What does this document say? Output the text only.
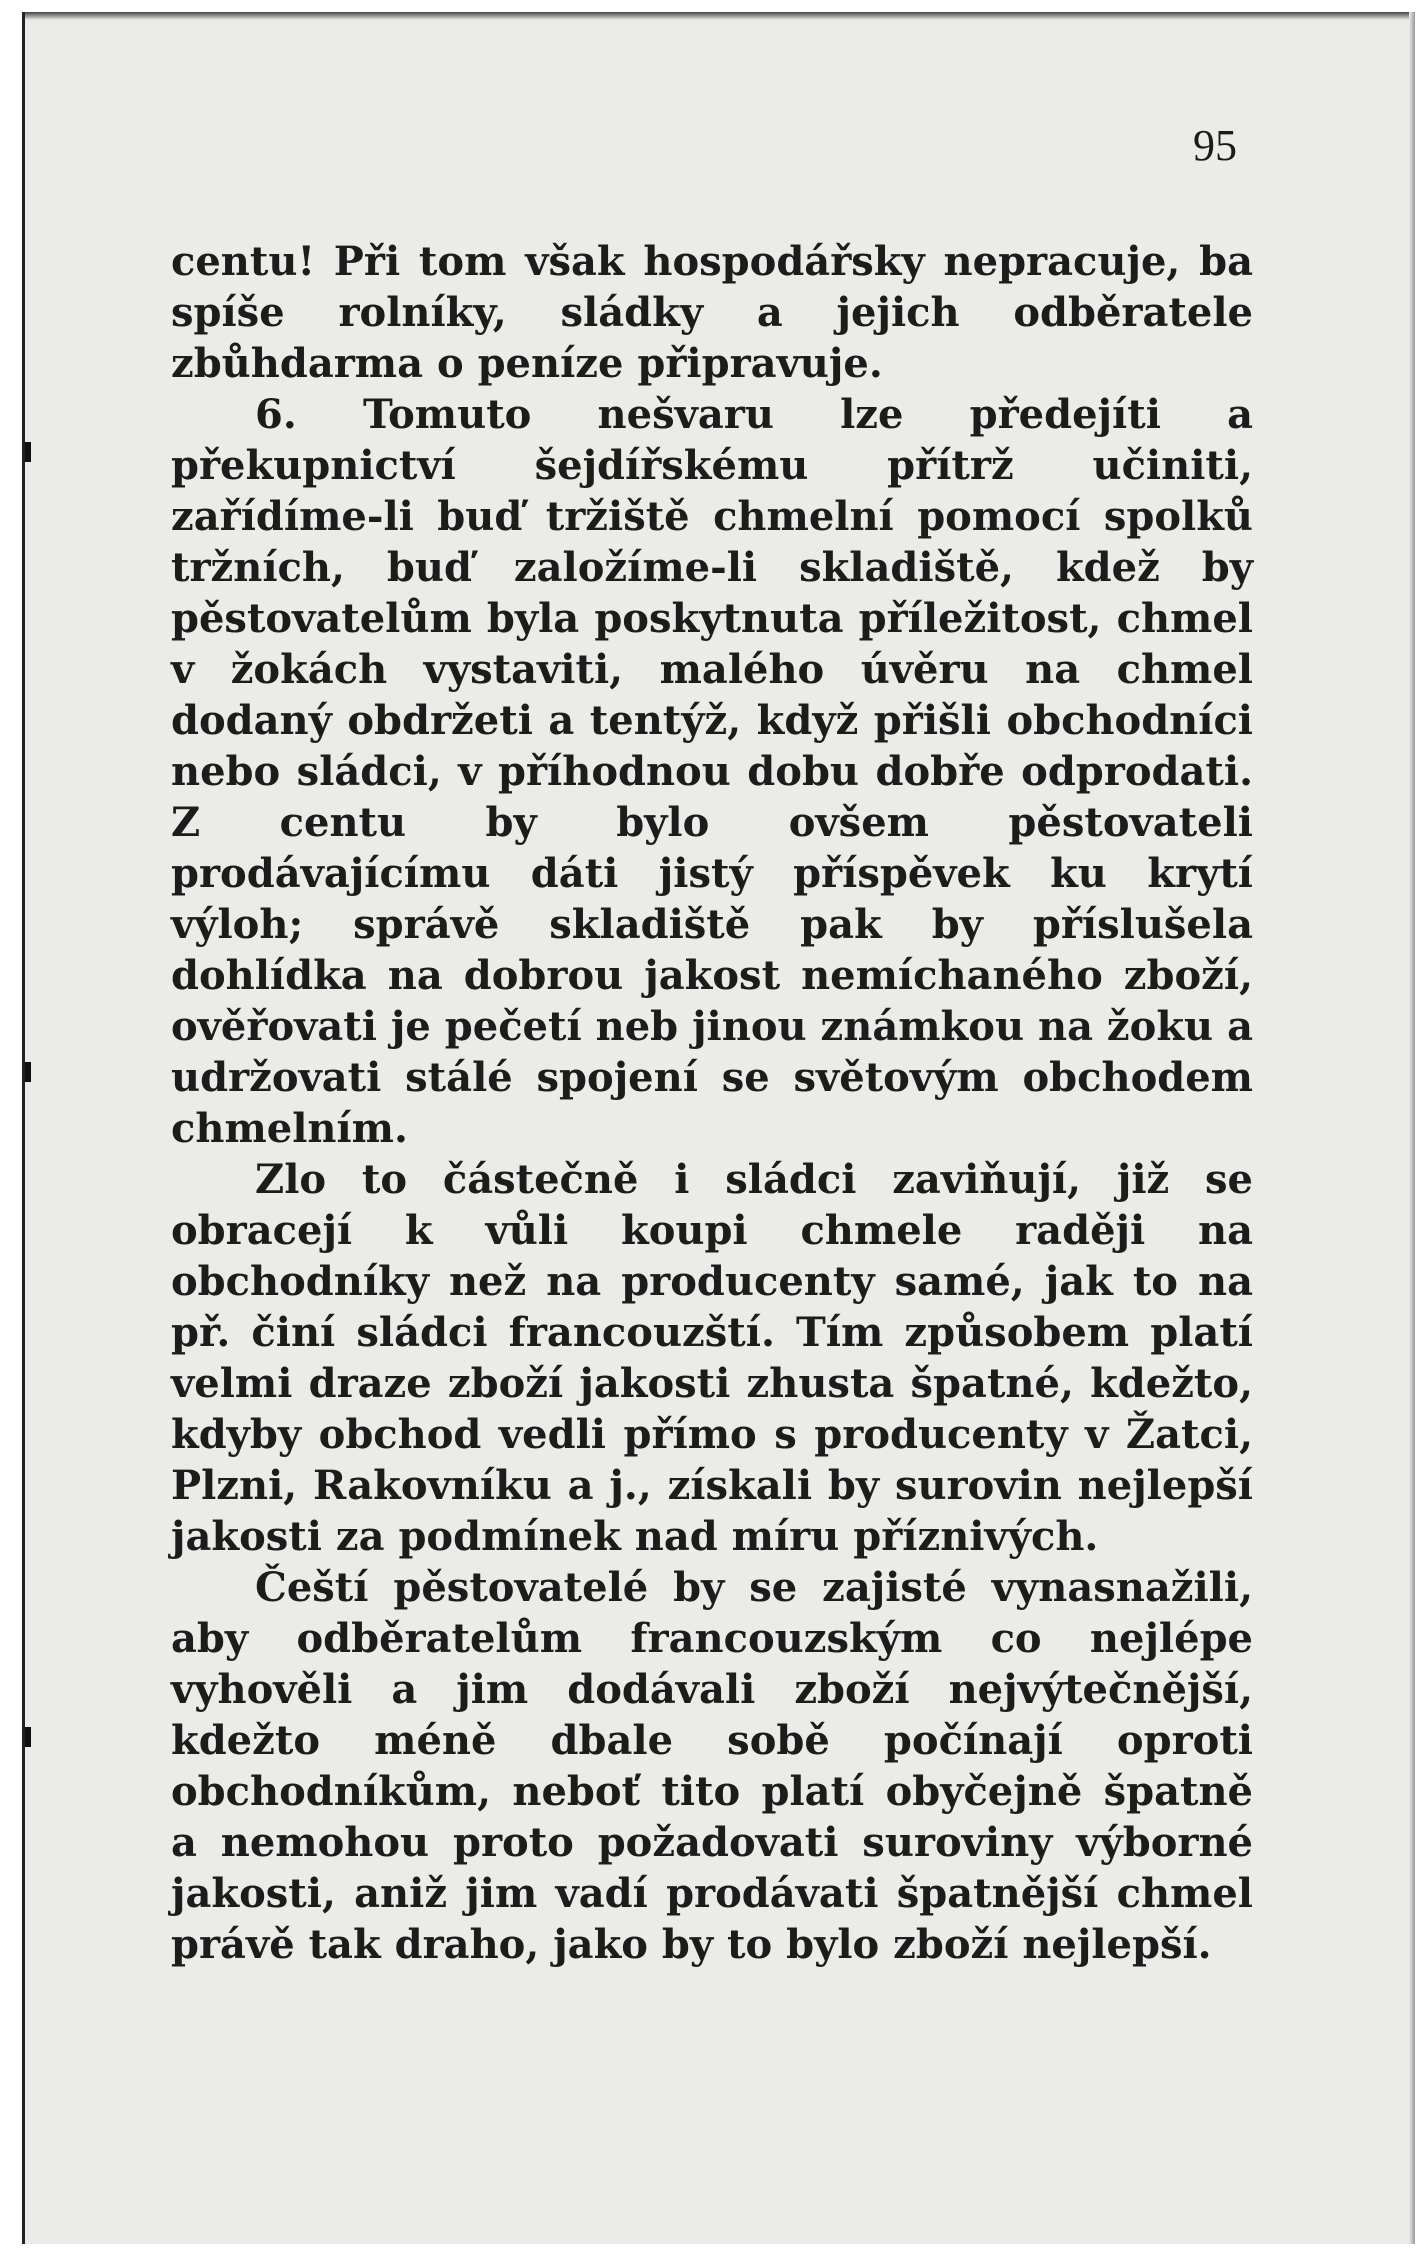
95

centu! Při tom však hospodářsky nepracuje, ba spíše rolníky, sládky a jejich odběratele zbůhdarma o peníze připravuje.

6. Tomuto nešvaru lze předejíti a překupnictví šejdířskému přítrž učiniti, zařídíme-li buď tržiště chmelní pomocí spolků tržních, buď založíme-li skladiště, kdež by pěstovatelům byla poskytnuta příležitost, chmel v žokách vystaviti, malého úvěru na chmel dodaný obdržeti a tentýž, když přišli obchodníci nebo sládci, v příhodnou dobu dobře odprodati. Z centu by bylo ovšem pěstovateli prodávajícímu dáti jistý příspěvek ku krytí výloh; správě skladiště pak by příslušela dohlídka na dobrou jakost nemíchaného zboží, ověřovati je pečetí neb jinou známkou na žoku a udržovati stálé spojení se světovým obchodem chmelním.

Zlo to částečně i sládci zaviňují, již se obracejí k vůli koupi chmele raději na obchodníky než na producenty samé, jak to na př. činí sládci francouzští. Tím způsobem platí velmi draze zboží jakosti zhusta špatné, kdežto, kdyby obchod vedli přímo s producenty v Žatci, Plzni, Rakovníku a j., získali by surovin nejlepší jakosti za podmínek nad míru příznivých.

Čeští pěstovatelé by se zajisté vynasnažili, aby odběratelům francouzským co nejlépe vyhověli a jim dodávali zboží nejvýtečnější, kdežto méně dbale sobě počínají oproti obchodníkům, neboť tito platí obyčejně špatně a nemohou proto požadovati suroviny výborné jakosti, aniž jim vadí prodávati špatnější chmel právě tak draho, jako by to bylo zboží nejlepší.
